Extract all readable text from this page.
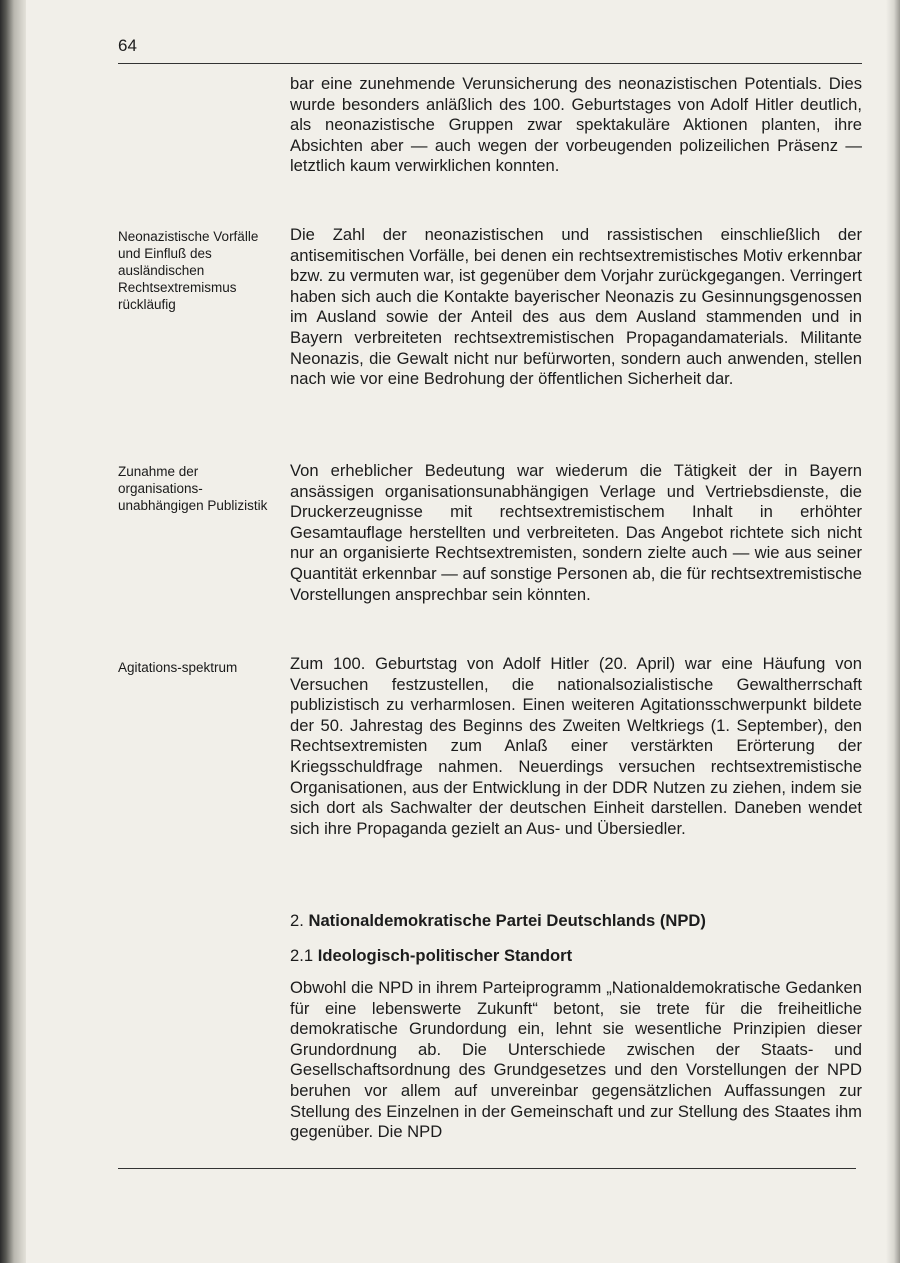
64
Neonazistische Vorfälle und Einfluß des ausländischen Rechtsextremismus rückläufig
Zunahme der organisations-unabhängigen Publizistik
Agitations-spektrum

bar eine zunehmende Verunsicherung des neonazistischen Potentials. Dies wurde besonders anläßlich des 100. Geburtstages von Adolf Hitler deutlich, als neonazistische Gruppen zwar spektakuläre Aktionen planten, ihre Absichten aber — auch wegen der vorbeugenden polizeilichen Präsenz — letztlich kaum verwirklichen konnten.

Die Zahl der neonazistischen und rassistischen einschließlich der antisemitischen Vorfälle, bei denen ein rechtsextremistisches Motiv erkennbar bzw. zu vermuten war, ist gegenüber dem Vorjahr zurückgegangen. Verringert haben sich auch die Kontakte bayerischer Neonazis zu Gesinnungsgenossen im Ausland sowie der Anteil des aus dem Ausland stammenden und in Bayern verbreiteten rechtsextremistischen Propagandamaterials. Militante Neonazis, die Gewalt nicht nur befürworten, sondern auch anwenden, stellen nach wie vor eine Bedrohung der öffentlichen Sicherheit dar.

Von erheblicher Bedeutung war wiederum die Tätigkeit der in Bayern ansässigen organisationsunabhängigen Verlage und Vertriebsdienste, die Druckerzeugnisse mit rechtsextremistischem Inhalt in erhöhter Gesamtauflage herstellten und verbreiteten. Das Angebot richtete sich nicht nur an organisierte Rechtsextremisten, sondern zielte auch — wie aus seiner Quantität erkennbar — auf sonstige Personen ab, die für rechtsextremistische Vorstellungen ansprechbar sein könnten.

Zum 100. Geburtstag von Adolf Hitler (20. April) war eine Häufung von Versuchen festzustellen, die nationalsozialistische Gewaltherrschaft publizistisch zu verharmlosen. Einen weiteren Agitationsschwerpunkt bildete der 50. Jahrestag des Beginns des Zweiten Weltkriegs (1. September), den Rechtsextremisten zum Anlaß einer verstärkten Erörterung der Kriegsschuldfrage nahmen. Neuerdings versuchen rechtsextremistische Organisationen, aus der Entwicklung in der DDR Nutzen zu ziehen, indem sie sich dort als Sachwalter der deutschen Einheit darstellen. Daneben wendet sich ihre Propaganda gezielt an Aus- und Übersiedler.

2. Nationaldemokratische Partei Deutschlands (NPD)
2.1 Ideologisch-politischer Standort

Obwohl die NPD in ihrem Parteiprogramm „Nationaldemokratische Gedanken für eine lebenswerte Zukunft“ betont, sie trete für die freiheitliche demokratische Grundordung ein, lehnt sie wesentliche Prinzipien dieser Grundordnung ab. Die Unterschiede zwischen der Staats- und Gesellschaftsordnung des Grundgesetzes und den Vorstellungen der NPD beruhen vor allem auf unvereinbar gegensätzlichen Auffassungen zur Stellung des Einzelnen in der Gemeinschaft und zur Stellung des Staates ihm gegenüber. Die NPD
